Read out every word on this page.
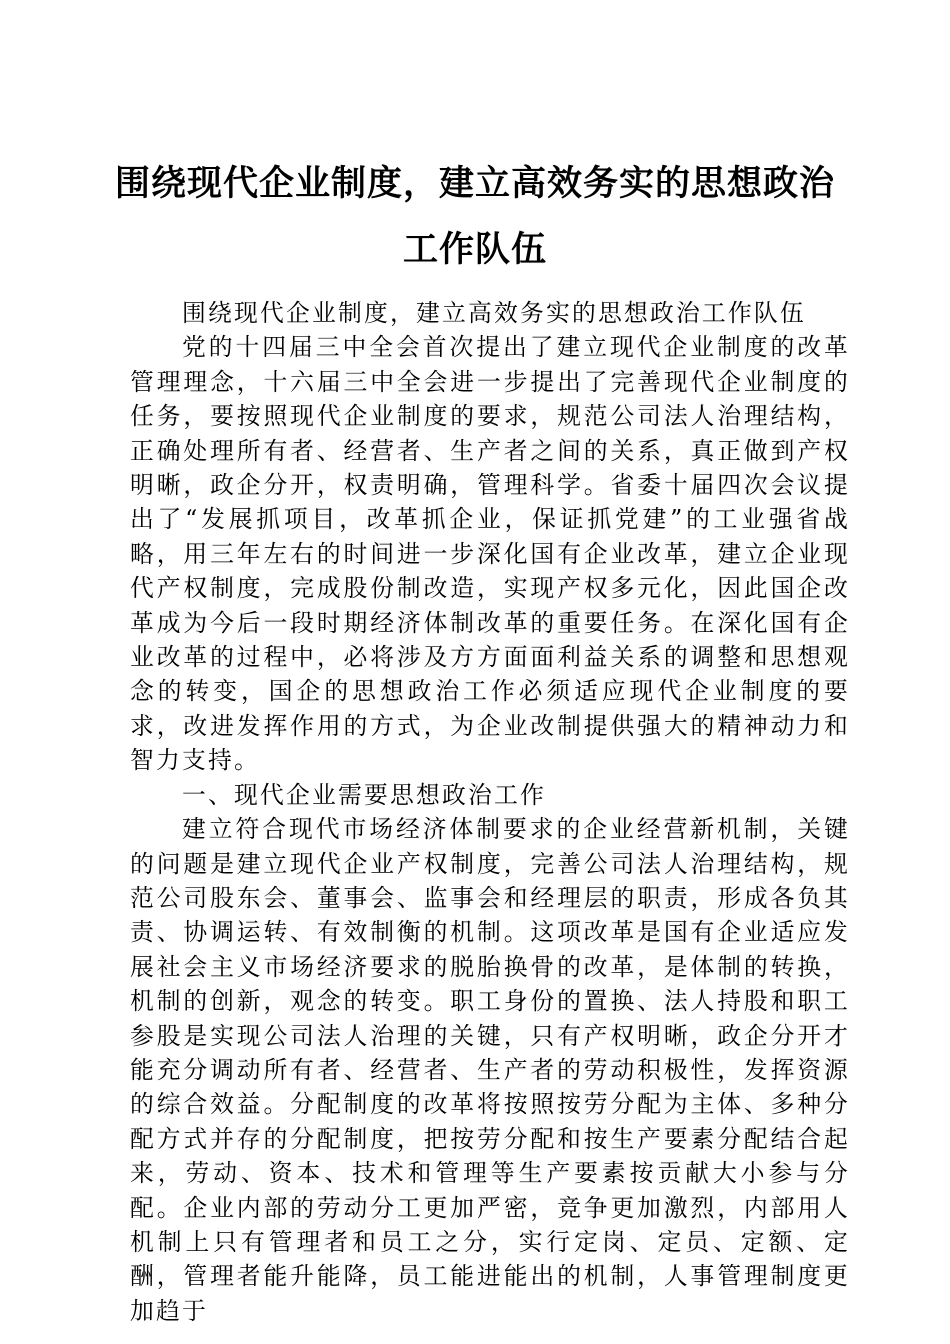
围绕现代企业制度，建立高效务实的思想政治
工作队伍

围绕现代企业制度，建立高效务实的思想政治工作队伍

党的十四届三中全会首次提出了建立现代企业制度的改革管理理念，十六届三中全会进一步提出了完善现代企业制度的任务，要按照现代企业制度的要求，规范公司法人治理结构，正确处理所有者、经营者、生产者之间的关系，真正做到产权明晰，政企分开，权责明确，管理科学。省委十届四次会议提出了“发展抓项目，改革抓企业，保证抓党建”的工业强省战略，用三年左右的时间进一步深化国有企业改革，建立企业现代产权制度，完成股份制改造，实现产权多元化，因此国企改革成为今后一段时期经济体制改革的重要任务。在深化国有企业改革的过程中，必将涉及方方面面利益关系的调整和思想观念的转变，国企的思想政治工作必须适应现代企业制度的要求，改进发挥作用的方式，为企业改制提供强大的精神动力和智力支持。

一、现代企业需要思想政治工作

建立符合现代市场经济体制要求的企业经营新机制，关键的问题是建立现代企业产权制度，完善公司法人治理结构，规范公司股东会、董事会、监事会和经理层的职责，形成各负其责、协调运转、有效制衡的机制。这项改革是国有企业适应发展社会主义市场经济要求的脱胎换骨的改革，是体制的转换，机制的创新，观念的转变。职工身份的置换、法人持股和职工参股是实现公司法人治理的关键，只有产权明晰，政企分开才能充分调动所有者、经营者、生产者的劳动积极性，发挥资源的综合效益。分配制度的改革将按照按劳分配为主体、多种分配方式并存的分配制度，把按劳分配和按生产要素分配结合起来，劳动、资本、技术和管理等生产要素按贡献大小参与分配。企业内部的劳动分工更加严密，竞争更加激烈，内部用人机制上只有管理者和员工之分，实行定岗、定员、定额、定酬，管理者能升能降，员工能进能出的机制，人事管理制度更加趋于
